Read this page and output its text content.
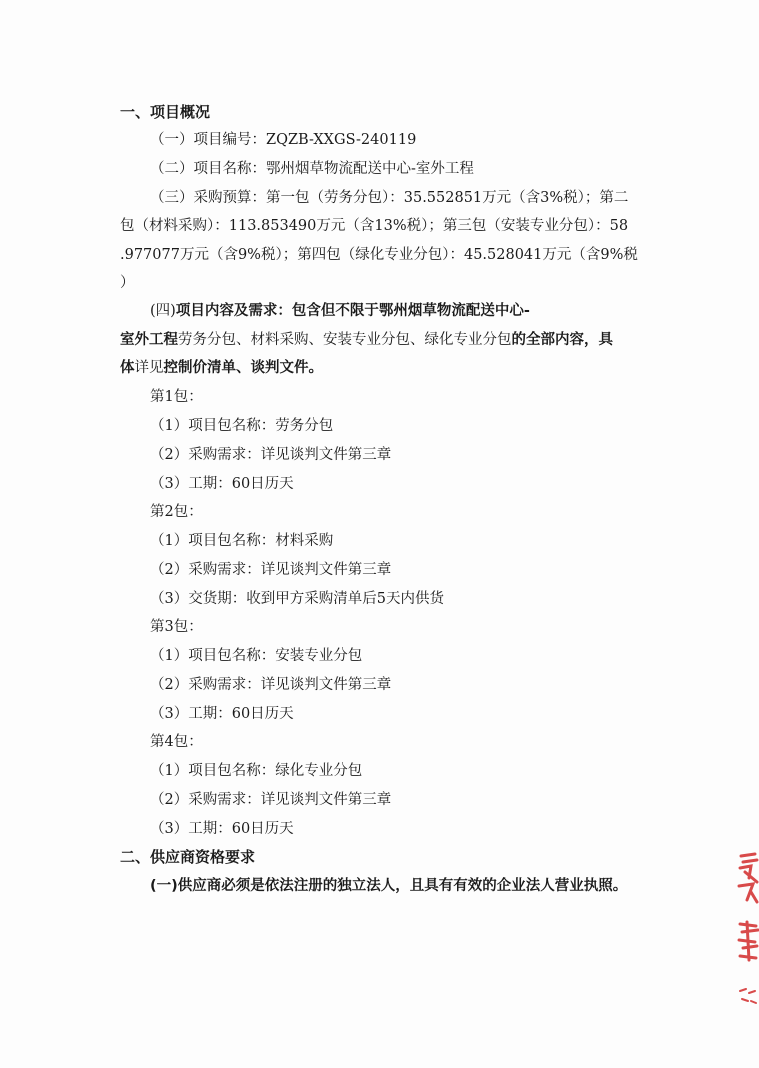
一、项目概况
（一）项目编号：ZQZB-XXGS-240119
（二）项目名称：鄂州烟草物流配送中心-室外工程
（三）采购预算：第一包（劳务分包）：35.552851万元（含3%税）；第二
包（材料采购）：113.853490万元（含13%税）；第三包（安装专业分包）：58
.977077万元（含9%税）；第四包（绿化专业分包）：45.528041万元（含9%税
）
(四)项目内容及需求：包含但不限于鄂州烟草物流配送中心-
室外工程劳务分包、材料采购、安装专业分包、绿化专业分包的全部内容，具
体详见控制价清单、谈判文件。
第1包：
（1）项目包名称：劳务分包
（2）采购需求：详见谈判文件第三章
（3）工期：60日历天
第2包：
（1）项目包名称：材料采购
（2）采购需求：详见谈判文件第三章
（3）交货期：收到甲方采购清单后5天内供货
第3包：
（1）项目包名称：安装专业分包
（2）采购需求：详见谈判文件第三章
（3）工期：60日历天
第4包：
（1）项目包名称：绿化专业分包
（2）采购需求：详见谈判文件第三章
（3）工期：60日历天
二、供应商资格要求
(一)供应商必须是依法注册的独立法人，且具有有效的企业法人营业执照。
